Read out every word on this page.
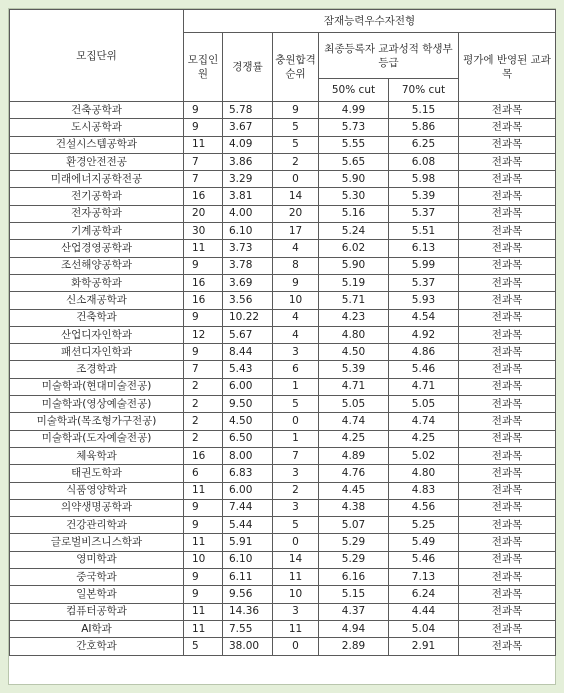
모집단위	잠재능력우수자전형					
	모집인원	경쟁률	충원합격순위	최종등록자 교과성적 학생부 등급		평가에 반영된 교과목
				50% cut	70% cut	
건축공학과	9	5.78	9	4.99	5.15	전과목
도시공학과	9	3.67	5	5.73	5.86	전과목
건설시스템공학과	11	4.09	5	5.55	6.25	전과목
환경안전전공	7	3.86	2	5.65	6.08	전과목
미래에너지공학전공	7	3.29	0	5.90	5.98	전과목
전기공학과	16	3.81	14	5.30	5.39	전과목
전자공학과	20	4.00	20	5.16	5.37	전과목
기계공학과	30	6.10	17	5.24	5.51	전과목
산업경영공학과	11	3.73	4	6.02	6.13	전과목
조선해양공학과	9	3.78	8	5.90	5.99	전과목
화학공학과	16	3.69	9	5.19	5.37	전과목
신소재공학과	16	3.56	10	5.71	5.93	전과목
건축학과	9	10.22	4	4.23	4.54	전과목
산업디자인학과	12	5.67	4	4.80	4.92	전과목
패션디자인학과	9	8.44	3	4.50	4.86	전과목
조경학과	7	5.43	6	5.39	5.46	전과목
미술학과(현대미술전공)	2	6.00	1	4.71	4.71	전과목
미술학과(영상예술전공)	2	9.50	5	5.05	5.05	전과목
미술학과(목조형가구전공)	2	4.50	0	4.74	4.74	전과목
미술학과(도자예술전공)	2	6.50	1	4.25	4.25	전과목
체육학과	16	8.00	7	4.89	5.02	전과목
태권도학과	6	6.83	3	4.76	4.80	전과목
식품영양학과	11	6.00	2	4.45	4.83	전과목
의약생명공학과	9	7.44	3	4.38	4.56	전과목
건강관리학과	9	5.44	5	5.07	5.25	전과목
글로벌비즈니스학과	11	5.91	0	5.29	5.49	전과목
영미학과	10	6.10	14	5.29	5.46	전과목
중국학과	9	6.11	11	6.16	7.13	전과목
일본학과	9	9.56	10	5.15	6.24	전과목
컴퓨터공학과	11	14.36	3	4.37	4.44	전과목
AI학과	11	7.55	11	4.94	5.04	전과목
간호학과	5	38.00	0	2.89	2.91	전과목
